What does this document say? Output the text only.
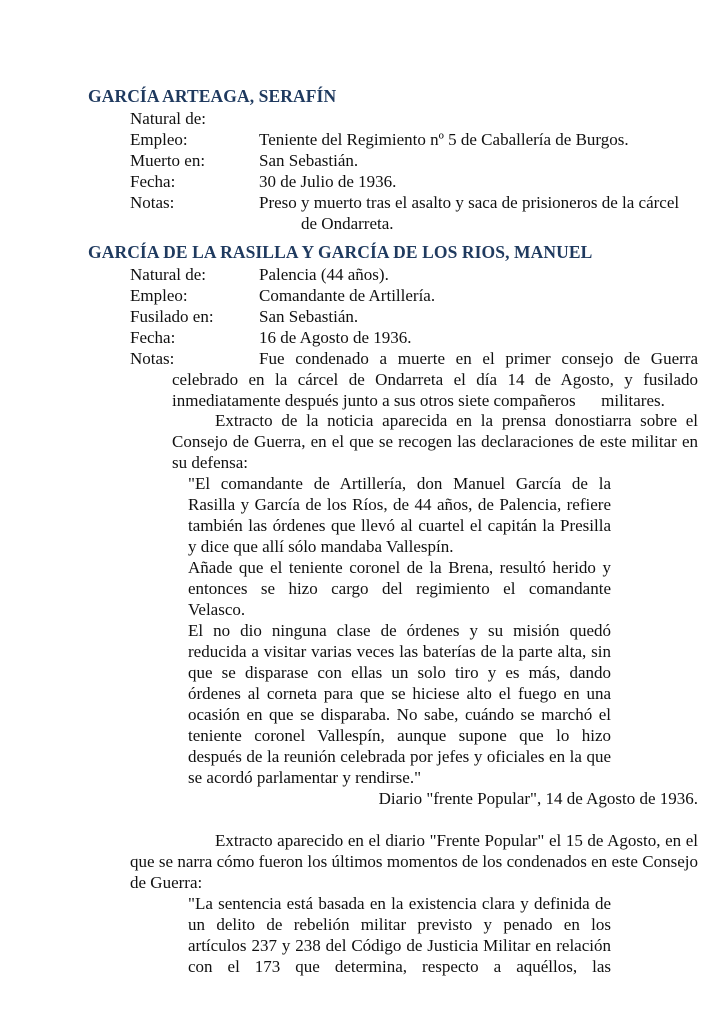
GARCÍA ARTEAGA, SERAFÍN
Natural de:
Empleo:	Teniente del Regimiento nº 5 de Caballería de Burgos.
Muerto en:	San Sebastián.
Fecha:	30 de Julio de 1936.
Notas:	Preso y muerto tras el asalto y saca de prisioneros de la cárcel
de Ondarreta.
GARCÍA DE LA RASILLA Y GARCÍA DE LOS RIOS, MANUEL
Natural de:	Palencia (44 años).
Empleo:	Comandante de Artillería.
Fusilado en:	San Sebastián.
Fecha:	16 de Agosto de 1936.
Notas:	Fue condenado a muerte en el primer consejo de Guerra
celebrado en la cárcel de Ondarreta el día 14 de Agosto, y fusilado
inmediatamente después junto a sus otros siete compañeros      militares.
Extracto de la noticia aparecida en la prensa donostiarra sobre el
Consejo de Guerra, en el que se recogen las declaraciones de este militar en
su defensa:
"El comandante de Artillería, don Manuel García de la
Rasilla y García de los Ríos, de 44 años, de Palencia, refiere
también las órdenes que llevó al cuartel el capitán la Presilla
y dice que allí sólo mandaba Vallespín.
Añade que el teniente coronel de la Brena, resultó herido y
entonces se hizo cargo del regimiento el comandante
Velasco.
El no dio ninguna clase de órdenes y su misión quedó
reducida a visitar varias veces las baterías de la parte alta, sin
que se disparase con ellas un solo tiro y es más, dando
órdenes al corneta para que se hiciese alto el fuego en una
ocasión en que se disparaba. No sabe, cuándo se marchó el
teniente coronel Vallespín, aunque supone que lo hizo
después de la reunión celebrada por jefes y oficiales en la que
se acordó parlamentar y rendirse."
Diario "frente Popular", 14 de Agosto de 1936.
Extracto aparecido en el diario "Frente Popular" el 15 de Agosto, en el
que se narra cómo fueron los últimos momentos de los condenados en este Consejo
de Guerra:
"La sentencia está basada en la existencia clara y definida de
un delito de rebelión militar previsto y penado en los
artículos 237 y 238 del Código de Justicia Militar en relación
con el 173 que determina, respecto a aquéllos, las
